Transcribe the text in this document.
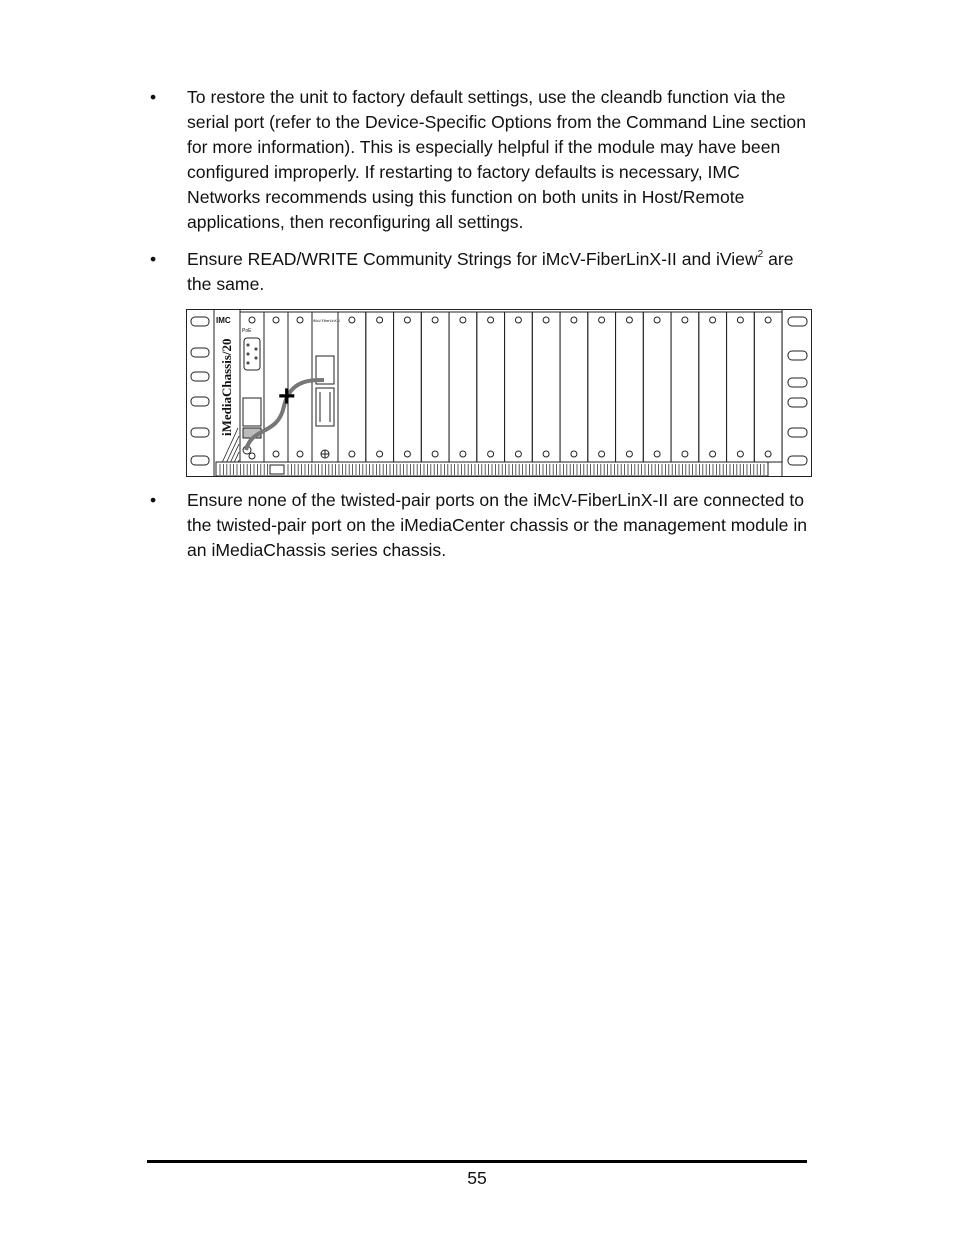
• To restore the unit to factory default settings, use the cleandb function via the serial port (refer to the Device-Specific Options from the Command Line section for more information). This is especially helpful if the module may have been configured improperly. If restarting to factory defaults is necessary, IMC Networks recommends using this function on both units in Host/Remote applications, then reconfiguring all settings.
• Ensure READ/WRITE Community Strings for iMcV-FiberLinX-II and iView$^2$ are the same.
iMediaChassis/20
IMC
PoE
iMcV-FiberLinX-II
+
• Ensure none of the twisted-pair ports on the iMcV-FiberLinX-II are connected to the twisted-pair port on the iMediaCenter chassis or the management module in an iMediaChassis series chassis.
55
